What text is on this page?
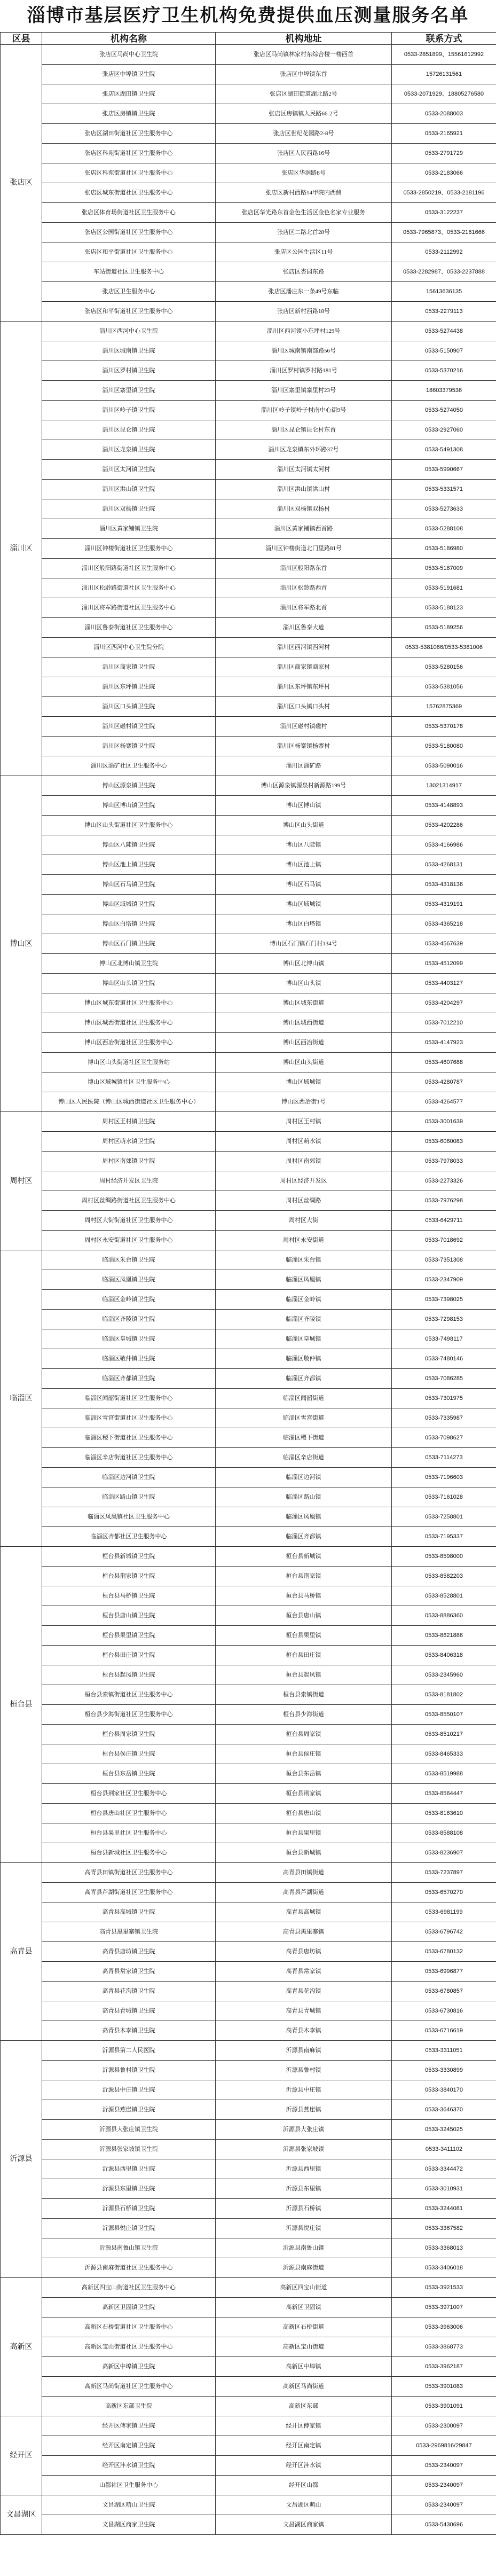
淄博市基层医疗卫生机构免费提供血压测量服务名单
区县	机构名称	机构地址	联系方式
张店区	张店区马尚中心卫生院	张店区马尚镇林家村东综合楼一楼西首	0533-2851899、15561612992
	张店区中埠镇卫生院	张店区中埠镇东首	15726131561
	张店区湖田镇卫生院	张店区湖田街道湖北路2号	0533-2071929、18805276580
	张店区房镇镇卫生院	张店区房镇镇人民路66-2号	0533-2088003
	张店区湖田街道社区卫生服务中心	张店区世纪花园路2-8号	0533-2165921
	张店区科苑街道社区卫生服务中心	张店区人民西路16号	0533-2791729
	张店区科苑街道社区卫生服务中心	张店区华润路8号	0533-2183066
	张店区城东街道社区卫生服务中心	张店区新村西路14甲院内西侧	0533-2850219、0533-2181196
	张店区体育场街道社区卫生服务中心	张店区华光路东首金色生活区金色名家专业服务	0533-3122237
	张店区公园街道社区卫生服务中心	张店区二路北首28号	0533-7965873、0533-2181666
	张店区和平街道社区卫生服务中心	张店区公园生活区11号	0533-2112992
	车站街道社区卫生服务中心	张店区杏园东路	0533-2282987、0533-2237888
	张店区卫生服务中心	张店区潘庄东一条49号东临	15613636135
	张店区和平街道社区卫生服务中心	张店区新村西路18号	0533-2279113
淄川区	淄川区西河中心卫生院	淄川区西河镇小东坪村129号	0533-5274438
	淄川区城南镇卫生院	淄川区城南镇南部路56号	0533-5150907
	淄川区罗村镇卫生院	淄川区罗村镇罗村路181号	0533-5370216
	淄川区寨里镇卫生院	淄川区寨里镇寨里村23号	18603379536
	淄川区岭子镇卫生院	淄川区岭子镇岭子村南中心街9号	0533-5274050
	淄川区昆仑镇卫生院	淄川区昆仑镇昆仑村东首	0533-2927060
	淄川区龙泉镇卫生院	淄川区龙泉镇东外环路37号	0533-5491308
	淄川区太河镇卫生院	淄川区太河镇太河村	0533-5990667
	淄川区洪山镇卫生院	淄川区洪山镇洪山村	0533-5331571
	淄川区双杨镇卫生院	淄川区双杨镇双杨村	0533-5273633
	淄川区黄家铺镇卫生院	淄川区黄家铺镇西首路	0533-5288108
	淄川区钟楼街道社区卫生服务中心	淄川区钟楼街道北门里路81号	0533-5186980
	淄川区般阳路街道社区卫生服务中心	淄川区般阳路东首	0533-5187009
	淄川区松龄路街道社区卫生服务中心	淄川区松龄路西首	0533-5191681
	淄川区将军路街道社区卫生服务中心	淄川区将军路北首	0533-5188123
	淄川区鲁泰街道社区卫生服务中心	淄川区鲁泰大道	0533-5189256
	淄川区西河中心卫生院分院	淄川区西河镇西河村	0533-5381066/0533-5381006
	淄川区商家镇卫生院	淄川区商家镇商家村	0533-5280156
	淄川区东坪镇卫生院	淄川区东坪镇东坪村	0533-5381056
	淄川区口头镇卫生院	淄川区口头镇口头村	15762875369
	淄川区磁村镇卫生院	淄川区磁村镇磁村	0533-5370178
	淄川区杨寨镇卫生院	淄川区杨寨镇杨寨村	0533-5180080
	淄川区淄矿社区卫生服务中心	淄川区淄矿路	0533-5090016
博山区	博山区源泉镇卫生院	博山区源泉镇源泉村新源路199号	13021314917
	博山区博山镇卫生院	博山区博山镇	0533-4148893
	博山区山头街道社区卫生服务中心	博山区山头街道	0533-4202286
	博山区八陡镇卫生院	博山区八陡镇	0533-4166986
	博山区池上镇卫生院	博山区池上镇	0533-4268131
	博山区石马镇卫生院	博山区石马镇	0533-4318136
	博山区域城镇卫生院	博山区域城镇	0533-4319191
	博山区白塔镇卫生院	博山区白塔镇	0533-4365218
	博山区石门镇卫生院	博山区石门镇石门村134号	0533-4567639
	博山区北博山镇卫生院	博山区北博山镇	0533-4512099
	博山区山头镇卫生院	博山区山头镇	0533-4403127
	博山区城东街道社区卫生服务中心	博山区城东街道	0533-4204297
	博山区城西街道社区卫生服务中心	博山区城西街道	0533-7012210
	博山区西冶街道社区卫生服务中心	博山区西冶街道	0533-4147923
	博山区山头街道社区卫生服务站	博山区山头街道	0533-4607688
	博山区域城镇社区卫生服务中心	博山区域城镇	0533-4280787
	博山区人民医院（博山区城西街道社区卫生服务中心）	博山区西冶街1号	0533-4264577
周村区	周村区王村镇卫生院	周村区王村镇	0533-3001639
	周村区萌水镇卫生院	周村区萌水镇	0533-6060083
	周村区南郊镇卫生院	周村区南郊镇	0533-7978033
	周村经济开发区卫生院	周村区经济开发区	0533-2273326
	周村区丝绸路街道社区卫生服务中心	周村区丝绸路	0533-7976298
	周村区大街街道社区卫生服务中心	周村区大街	0533-6429711
	周村区永安街道社区卫生服务中心	周村区永安街道	0533-7018692
临淄区	临淄区朱台镇卫生院	临淄区朱台镇	0533-7351308
	临淄区凤凰镇卫生院	临淄区凤凰镇	0533-2347909
	临淄区金岭镇卫生院	临淄区金岭镇	0533-7398025
	临淄区齐陵镇卫生院	临淄区齐陵镇	0533-7298153
	临淄区皇城镇卫生院	临淄区皇城镇	0533-7498117
	临淄区敬仲镇卫生院	临淄区敬仲镇	0533-7480146
	临淄区齐都镇卫生院	临淄区齐都镇	0533-7086285
	临淄区闻韶街道社区卫生服务中心	临淄区闻韶街道	0533-7301975
	临淄区雪宫街道社区卫生服务中心	临淄区雪宫街道	0533-7335987
	临淄区稷下街道社区卫生服务中心	临淄区稷下街道	0533-7098627
	临淄区辛店街道社区卫生服务中心	临淄区辛店街道	0533-7114273
	临淄区边河镇卫生院	临淄区边河镇	0533-7196603
	临淄区路山镇卫生院	临淄区路山镇	0533-7161028
	临淄区凤凰镇社区卫生服务中心	临淄区凤凰镇	0533-7258801
	临淄区齐都社区卫生服务中心	临淄区齐都镇	0533-7195337
桓台县	桓台县新城镇卫生院	桓台县新城镇	0533-8598000
	桓台县荆家镇卫生院	桓台县荆家镇	0533-8582203
	桓台县马桥镇卫生院	桓台县马桥镇	0533-8528801
	桓台县唐山镇卫生院	桓台县唐山镇	0533-8886360
	桓台县果里镇卫生院	桓台县果里镇	0533-8621886
	桓台县田庄镇卫生院	桓台县田庄镇	0533-8406318
	桓台县起凤镇卫生院	桓台县起凤镇	0533-2345960
	桓台县索镇街道社区卫生服务中心	桓台县索镇街道	0533-8181802
	桓台县少海街道社区卫生服务中心	桓台县少海街道	0533-8550107
	桓台县周家镇卫生院	桓台县周家镇	0533-8510217
	桓台县侯庄镇卫生院	桓台县侯庄镇	0533-8465333
	桓台县东岳镇卫生院	桓台县东岳镇	0533-8519988
	桓台县荆家社区卫生服务中心	桓台县荆家镇	0533-8564447
	桓台县唐山社区卫生服务中心	桓台县唐山镇	0533-8163610
	桓台县果里社区卫生服务中心	桓台县果里镇	0533-8588108
	桓台县新城社区卫生服务中心	桓台县新城镇	0533-8236907
高青县	高青县田镇街道社区卫生服务中心	高青县田镇街道	0533-7237897
	高青县芦湖街道社区卫生服务中心	高青县芦湖街道	0533-6570270
	高青县高城镇卫生院	高青县高城镇	0533-6981199
	高青县黑里寨镇卫生院	高青县黑里寨镇	0533-6796742
	高青县唐坊镇卫生院	高青县唐坊镇	0533-6780132
	高青县常家镇卫生院	高青县常家镇	0533-6996877
	高青县花沟镇卫生院	高青县花沟镇	0533-6780857
	高青县青城镇卫生院	高青县青城镇	0533-6730816
	高青县木李镇卫生院	高青县木李镇	0533-6716619
沂源县	沂源县第二人民医院	沂源县南麻镇	0533-3311051
	沂源县鲁村镇卫生院	沂源县鲁村镇	0533-3330899
	沂源县中庄镇卫生院	沂源县中庄镇	0533-3840170
	沂源县燕崖镇卫生院	沂源县燕崖镇	0533-3646370
	沂源县大张庄镇卫生院	沂源县大张庄镇	0533-3245025
	沂源县张家坡镇卫生院	沂源县张家坡镇	0533-3411102
	沂源县西里镇卫生院	沂源县西里镇	0533-3344472
	沂源县东里镇卫生院	沂源县东里镇	0533-3010931
	沂源县石桥镇卫生院	沂源县石桥镇	0533-3244081
	沂源县悦庄镇卫生院	沂源县悦庄镇	0533-3367582
	沂源县南鲁山镇卫生院	沂源县南鲁山镇	0533-3368013
	沂源县南麻街道社区卫生服务中心	沂源县南麻街道	0533-3406018
高新区	高新区四宝山街道社区卫生服务中心	高新区四宝山街道	0533-3921533
	高新区卫固镇卫生院	高新区卫固镇	0533-3971007
	高新区石桥街道社区卫生服务中心	高新区石桥街道	0533-3963006
	高新区宝山街道社区卫生服务中心	高新区宝山街道	0533-3868773
	高新区中埠镇卫生院	高新区中埠镇	0533-3962187
	高新区马尚街道社区卫生服务中心	高新区马尚街道	0533-3901083
	高新区东部卫生院	高新区东部	0533-3901091
经开区	经开区傅家镇卫生院	经开区傅家镇	0533-2300097
	经开区南定镇卫生院	经开区南定镇	0533-2969816/29847
	经开区沣水镇卫生院	经开区沣水镇	0533-2340097
	山都社区卫生服务中心	经开区山都	0533-2340097
文昌湖区	文昌湖区萌山卫生院	文昌湖区萌山	0533-2340097
	文昌湖区商家卫生院	文昌湖区商家镇	0533-5430696
